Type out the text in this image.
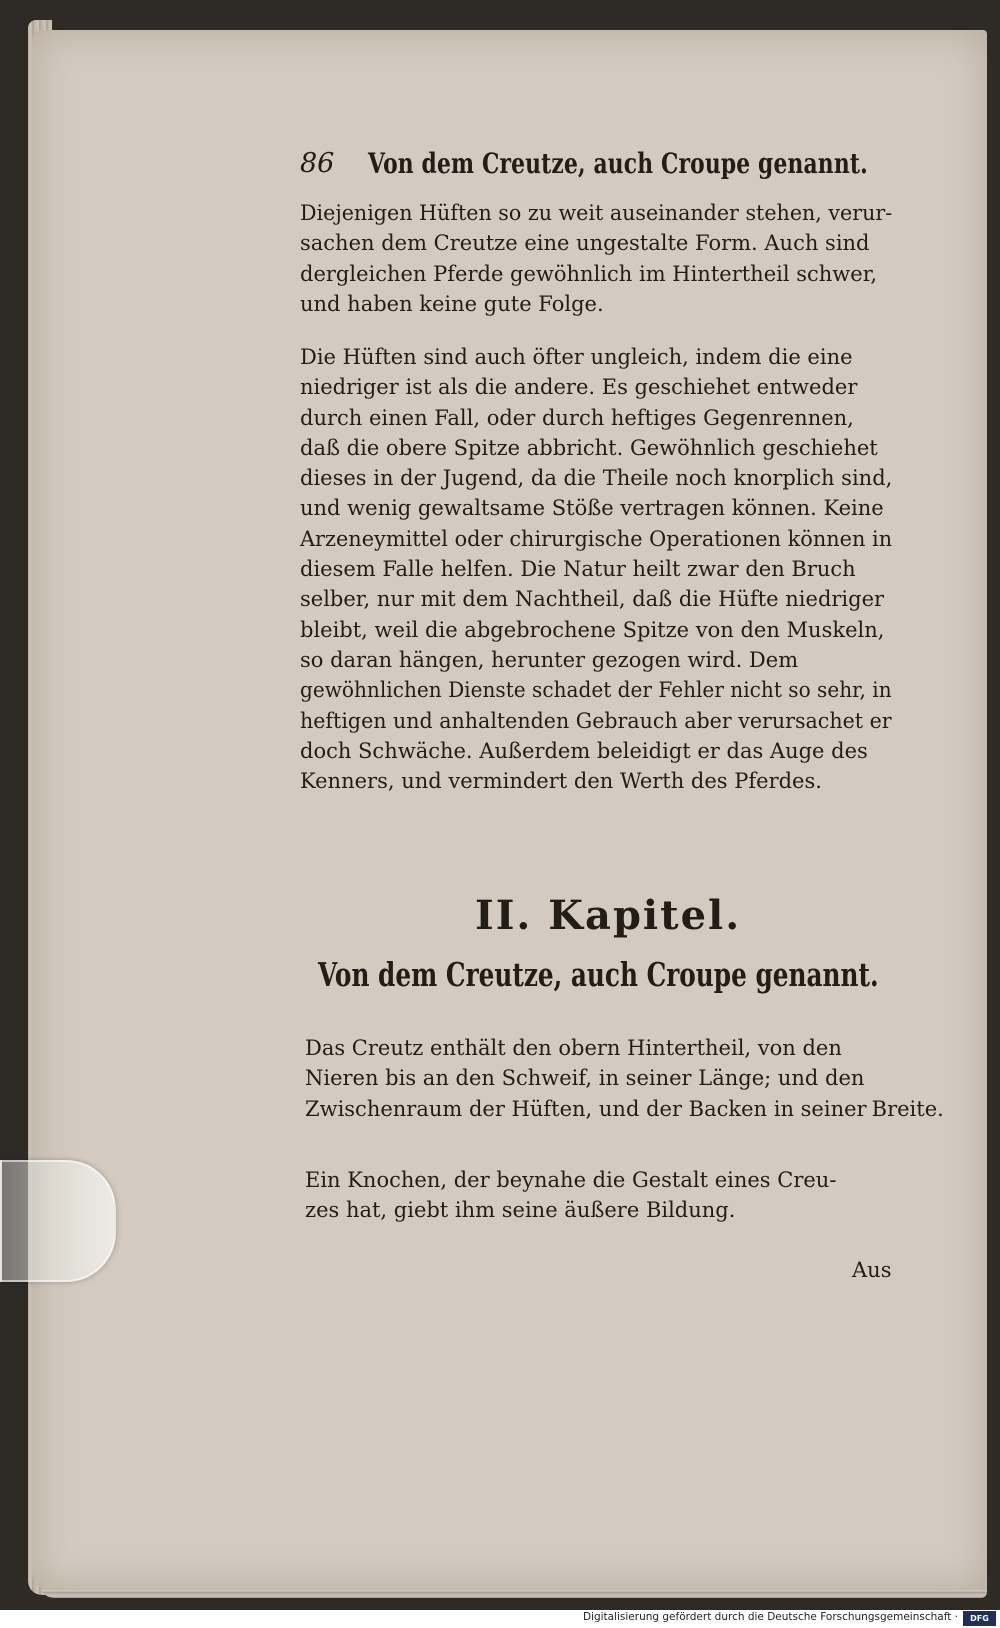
86 Von dem Creutze, auch Croupe genannt.

Diejenigen Hüften so zu weit auseinander stehen, verur- sachen dem Creutze eine ungestalte Form. Auch sind dergleichen Pferde gewöhnlich im Hintertheil schwer, und haben keine gute Folge.
Die Hüften sind auch öfter ungleich, indem die eine niedriger ist als die andere. Es geschiehet entweder durch einen Fall, oder durch heftiges Gegenrennen, daß die obere Spitze abbricht. Gewöhnlich geschiehet dieses in der Jugend, da die Theile noch knorplich sind, und wenig gewaltsame Stöße vertragen können. Keine Arzeneymittel oder chirurgische Operationen können in diesem Falle helfen. Die Natur heilt zwar den Bruch selber, nur mit dem Nachtheil, daß die Hüfte niedriger bleibt, weil die abgebrochene Spitze von den Muskeln, so daran hängen, herunter gezogen wird. Dem gewöhnlichen Dienste schadet der Fehler nicht so sehr, in heftigen und anhaltenden Gebrauch aber verursachet er doch Schwäche. Außerdem beleidigt er das Auge des Kenners, und vermindert den Werth des Pferdes.

II. Kapitel.

Von dem Creutze, auch Croupe genannt.

Das Creutz enthält den obern Hintertheil, von den Nieren bis an den Schweif, in seiner Länge; und den Zwischenraum der Hüften, und der Backen in seiner Breite.
Ein Knochen, der beynahe die Gestalt eines Creu- zes hat, giebt ihm seine äußere Bildung.

Aus

Digitalisierung gefördert durch die Deutsche Forschungsgemeinschaft ·	DFG
